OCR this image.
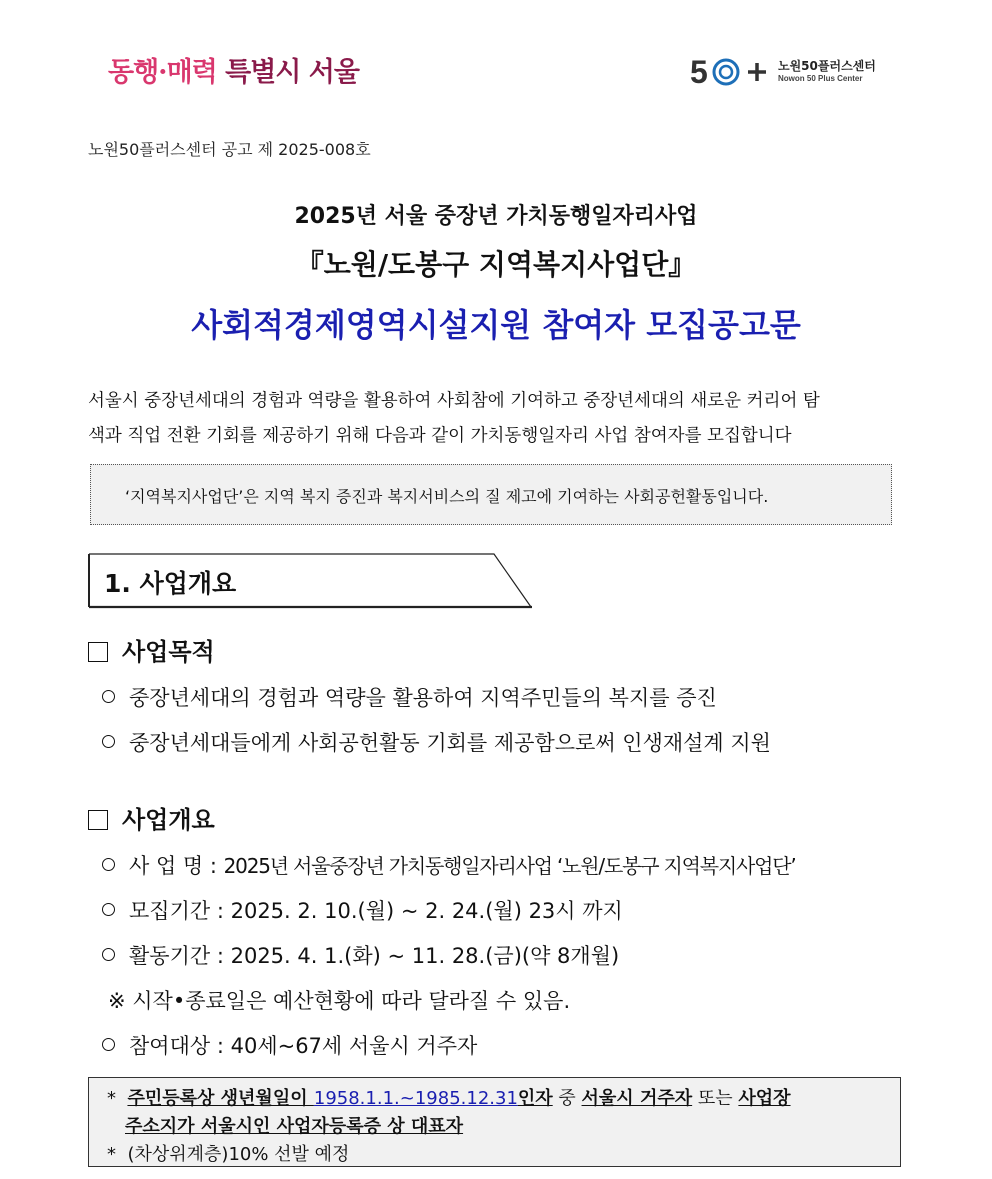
동행·매력 특별시 서울	5	노원50플러스센터
Nowon 50 Plus Center
노원50플러스센터 공고 제 2025-008호
2025년 서울 중장년 가치동행일자리사업
『노원/도봉구 지역복지사업단』
사회적경제영역시설지원 참여자 모집공고문
서울시 중장년세대의 경험과 역량을 활용하여 사회참에 기여하고 중장년세대의 새로운 커리어 탐
색과 직업 전환 기회를 제공하기 위해 다음과 같이 가치동행일자리 사업 참여자를 모집합니다
‘지역복지사업단’은 지역 복지 증진과 복지서비스의 질 제고에 기여하는 사회공헌활동입니다.
1. 사업개요
사업목적
중장년세대의 경험과 역량을 활용하여 지역주민들의 복지를 증진
중장년세대들에게 사회공헌활동 기회를 제공함으로써 인생재설계 지원
사업개요
사 업 명 : 2025년 서울중장년 가치동행일자리사업 ‘노원/도봉구 지역복지사업단’
모집기간 : 2025. 2. 10.(월) ~ 2. 24.(월) 23시 까지
활동기간 : 2025. 4. 1.(화) ~ 11. 28.(금)(약 8개월)
※ 시작•종료일은 예산현황에 따라 달라질 수 있음.
참여대상 : 40세~67세 서울시 거주자
* 주민등록상 생년월일이 1958.1.1.~1985.12.31인자 중 서울시 거주자 또는 사업장
주소지가 서울시인 사업자등록증 상 대표자
* (차상위계층)10% 선발 예정
